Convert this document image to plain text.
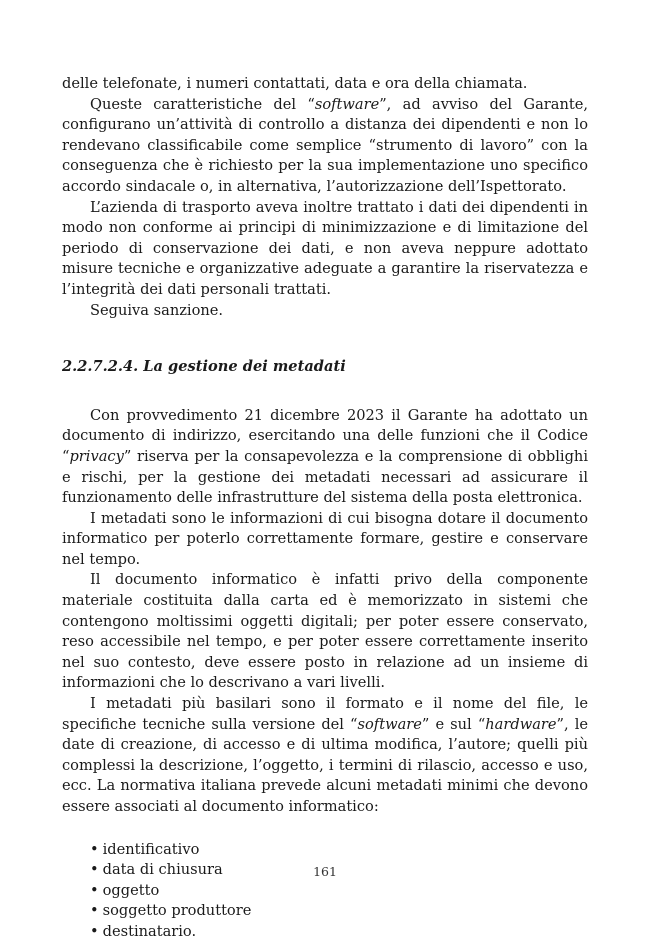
delle telefonate, i numeri contattati, data e ora della chiamata.

Queste caratteristiche del “software”, ad avviso del Garante, configurano un’attività di controllo a distanza dei dipendenti e non lo rendevano classificabile come semplice “strumento di lavoro” con la conseguenza che è richiesto per la sua implementazione uno specifico accordo sindacale o, in alternativa, l’autorizzazione dell’Ispettorato.

L’azienda di trasporto aveva inoltre trattato i dati dei dipendenti in modo non conforme ai principi di minimizzazione e di limitazione del periodo di conservazione dei dati, e non aveva neppure adottato misure tecniche e organizzative adeguate a garantire la riservatezza e l’integrità dei dati personali trattati.

Seguiva sanzione.

2.2.7.2.4. La gestione dei metadati

Con provvedimento 21 dicembre 2023 il Garante ha adottato un documento di indirizzo, esercitando una delle funzioni che il Codice “privacy” riserva per la consapevolezza e la comprensione di obblighi e rischi, per la gestione dei metadati necessari ad assicurare il funzionamento delle infrastrutture del sistema della posta elettronica.

I metadati sono le informazioni di cui bisogna dotare il documento informatico per poterlo correttamente formare, gestire e conservare nel tempo.

Il documento informatico è infatti privo della componente materiale costituita dalla carta ed è memorizzato in sistemi che contengono moltissimi oggetti digitali; per poter essere conservato, reso accessibile nel tempo, e per poter essere correttamente inserito nel suo contesto, deve essere posto in relazione ad un insieme di informazioni che lo descrivano a vari livelli.

I metadati più basilari sono il formato e il nome del file, le specifiche tecniche sulla versione del “software” e sul “hardware”, le date di creazione, di accesso e di ultima modifica, l’autore; quelli più complessi la descrizione, l’oggetto, i termini di rilascio, accesso e uso, ecc. La normativa italiana prevede alcuni metadati minimi che devono essere associati al documento informatico:

• identificativo
• data di chiusura
• oggetto
• soggetto produttore
• destinatario.
161
